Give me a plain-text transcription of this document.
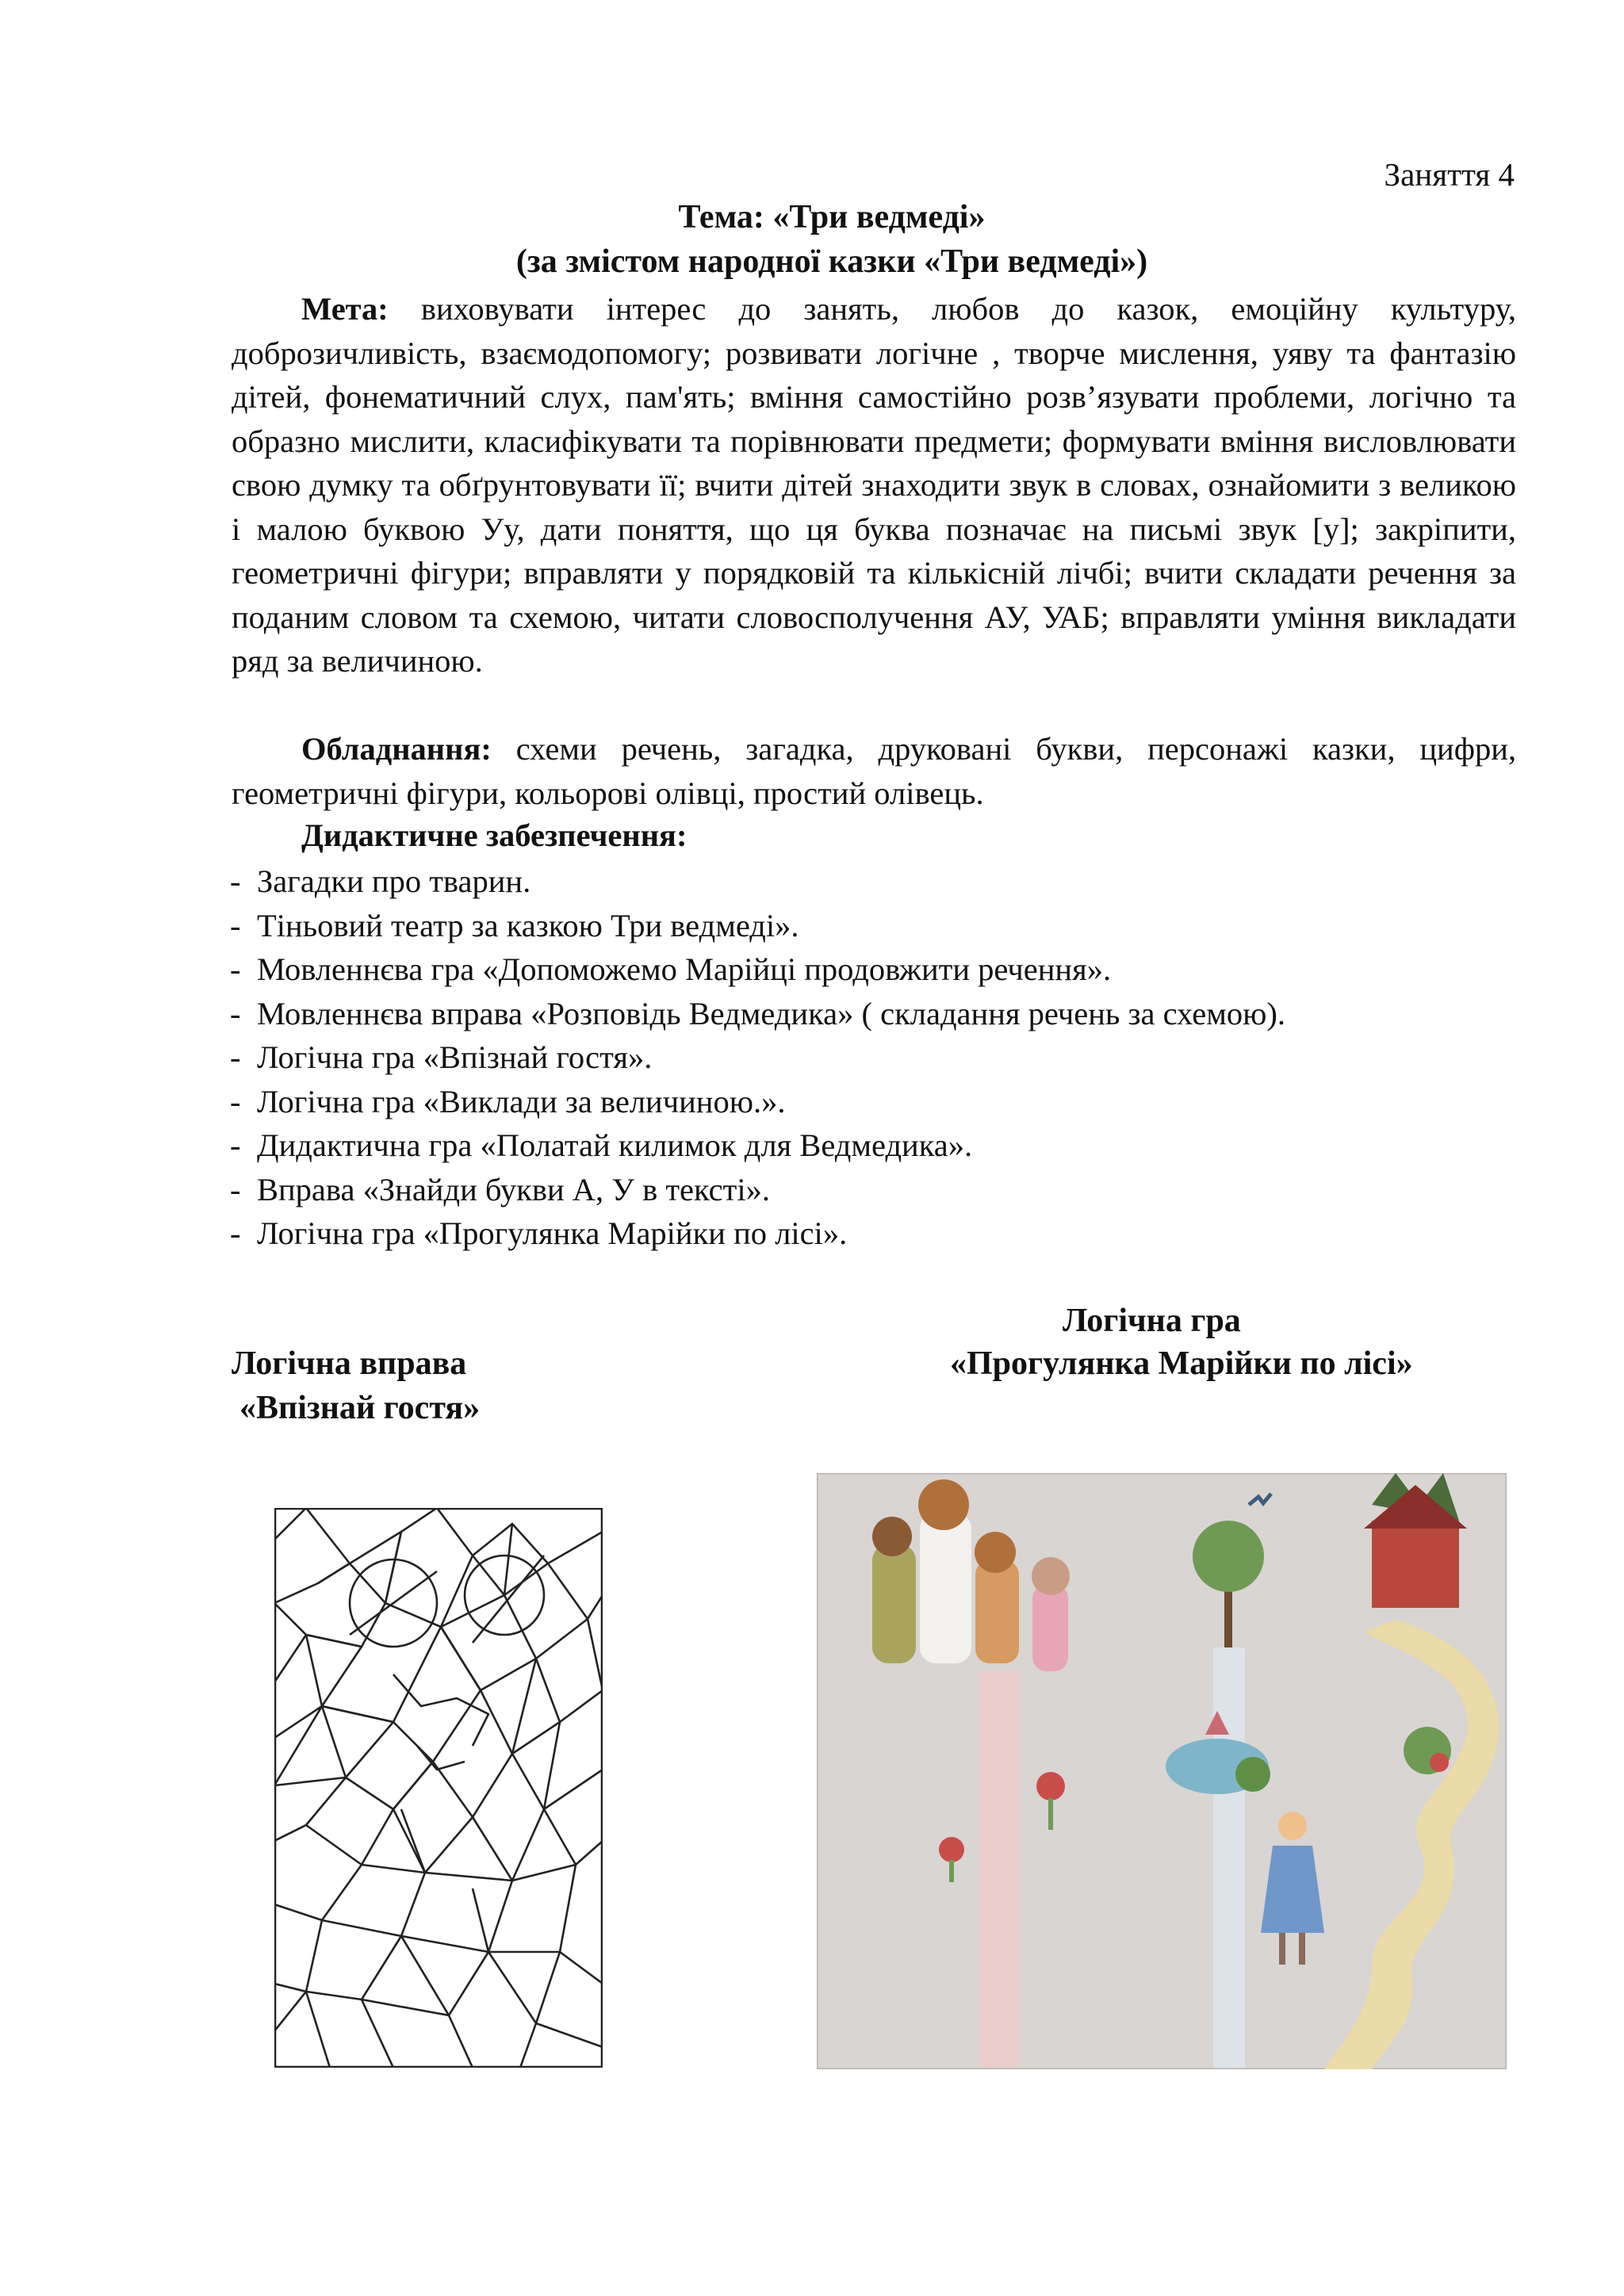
Заняття 4
Тема: «Три ведмеді»
(за змістом народної казки «Три ведмеді»)
Мета: виховувати інтерес до занять, любов до казок, емоційну культуру, доброзичливість, взаємодопомогу; розвивати логічне , творче мислення, уяву та фантазію дітей, фонематичний слух, пам'ять; вміння самостійно розв’язувати проблеми, логічно та образно мислити, класифікувати та порівнювати предмети; формувати вміння висловлювати свою думку та обґрунтовувати її; вчити дітей знаходити звук в словах, ознайомити з великою і малою буквою Уу, дати поняття, що ця буква позначає на письмі звук [у]; закріпити, геометричні фігури; вправляти у порядковій та кількісній лічбі; вчити складати речення за поданим словом та схемою, читати словосполучення АУ, УАБ; вправляти уміння викладати ряд за величиною.
Обладнання: схеми речень, загадка, друковані букви, персонажі казки, цифри, геометричні фігури, кольорові олівці, простий олівець.
Дидактичне забезпечення:
- Загадки про тварин.
- Тіньовий театр за казкою Три ведмеді».
- Мовленнєва гра «Допоможемо Марійці продовжити речення».
- Мовленнєва вправа «Розповідь Ведмедика» ( складання речень за схемою).
- Логічна гра «Впізнай гостя».
- Логічна гра «Виклади за величиною.».
- Дидактична гра «Полатай килимок для Ведмедика».
- Вправа «Знайди букви А, У в тексті».
- Логічна гра «Прогулянка Марійки по лісі».
Логічна вправа
«Впізнай гостя»
Логічна гра
«Прогулянка Марійки по лісі»
